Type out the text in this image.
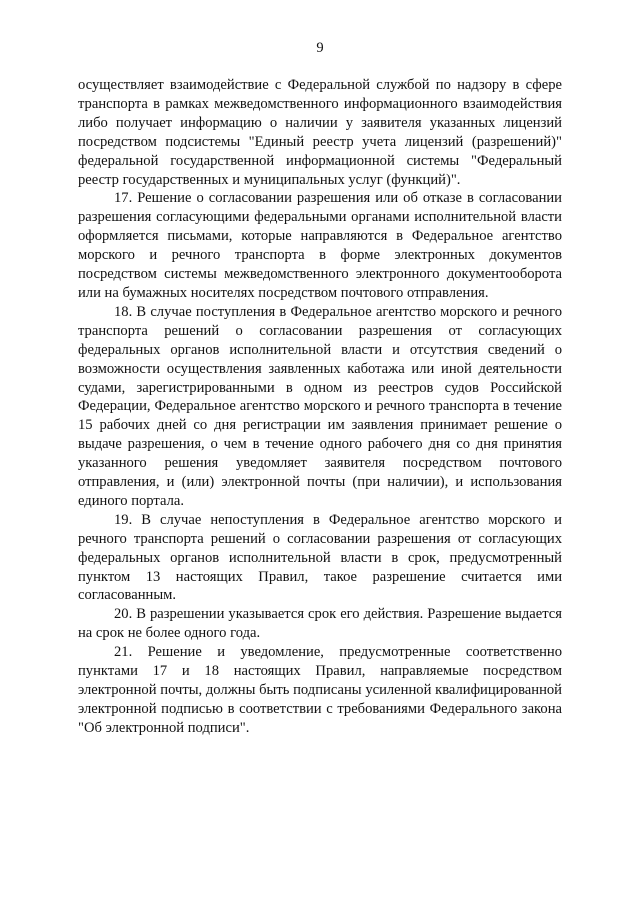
9

осуществляет взаимодействие с Федеральной службой по надзору в сфере транспорта в рамках межведомственного информационного взаимодействия либо получает информацию о наличии у заявителя указанных лицензий посредством подсистемы "Единый реестр учета лицензий (разрешений)" федеральной государственной информационной системы "Федеральный реестр государственных и муниципальных услуг (функций)".

17. Решение о согласовании разрешения или об отказе в согласовании разрешения согласующими федеральными органами исполнительной власти оформляется письмами, которые направляются в Федеральное агентство морского и речного транспорта в форме электронных документов посредством системы межведомственного электронного документооборота или на бумажных носителях посредством почтового отправления.

18. В случае поступления в Федеральное агентство морского и речного транспорта решений о согласовании разрешения от согласующих федеральных органов исполнительной власти и отсутствия сведений о возможности осуществления заявленных каботажа или иной деятельности судами, зарегистрированными в одном из реестров судов Российской Федерации, Федеральное агентство морского и речного транспорта в течение 15 рабочих дней со дня регистрации им заявления принимает решение о выдаче разрешения, о чем в течение одного рабочего дня со дня принятия указанного решения уведомляет заявителя посредством почтового отправления, и (или) электронной почты (при наличии), и использования единого портала.

19. В случае непоступления в Федеральное агентство морского и речного транспорта решений о согласовании разрешения от согласующих федеральных органов исполнительной власти в срок, предусмотренный пунктом 13 настоящих Правил, такое разрешение считается ими согласованным.

20. В разрешении указывается срок его действия. Разрешение выдается на срок не более одного года.

21. Решение и уведомление, предусмотренные соответственно пунктами 17 и 18 настоящих Правил, направляемые посредством электронной почты, должны быть подписаны усиленной квалифицированной электронной подписью в соответствии с требованиями Федерального закона "Об электронной подписи".
